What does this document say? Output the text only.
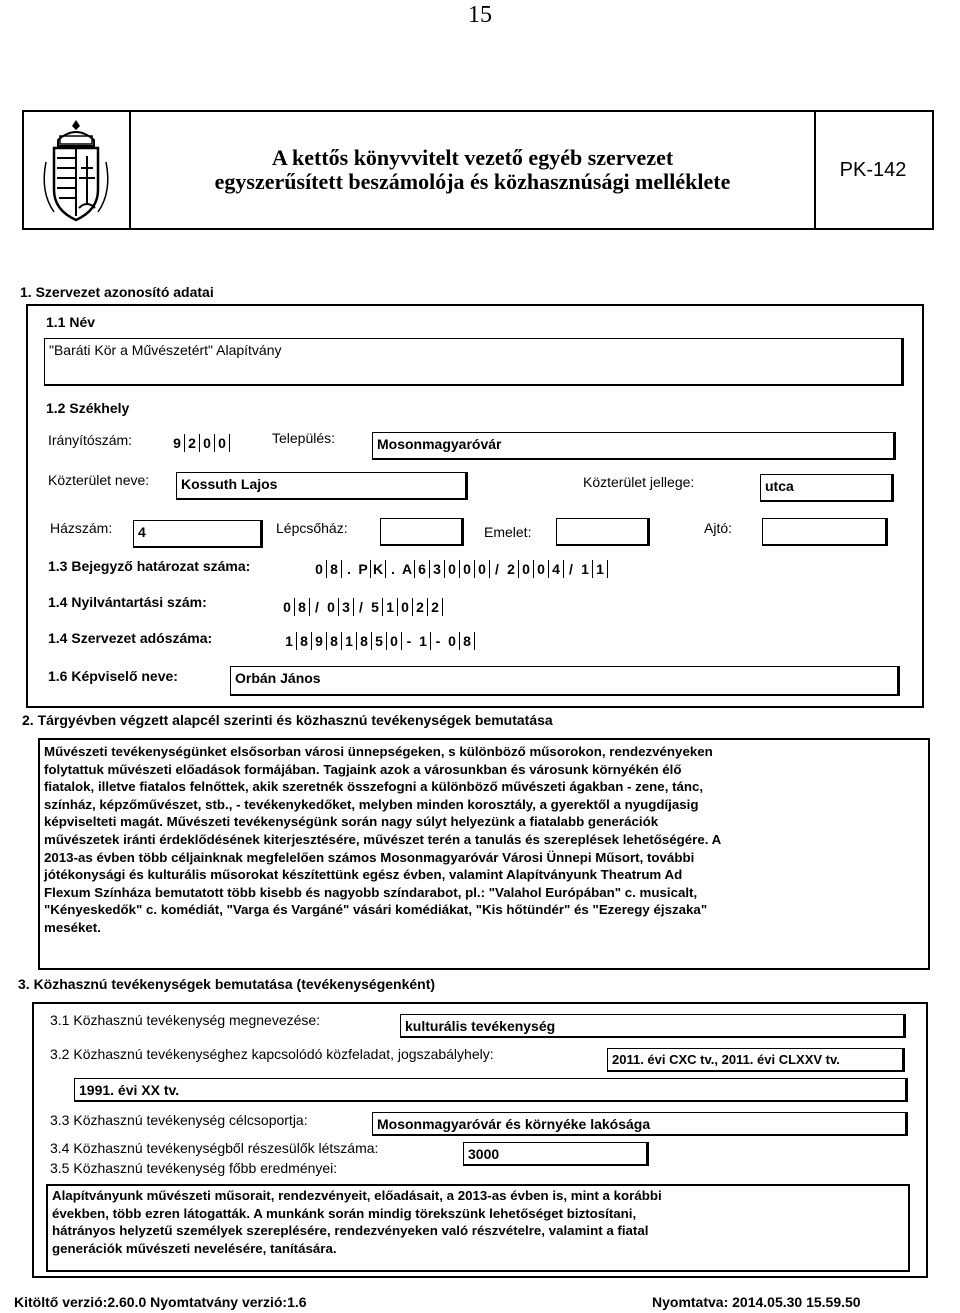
15
A kettős könyvvitelt vezető egyéb szervezet
egyszerűsített beszámolója és közhasznúsági melléklete	PK-142
1. Szervezet azonosító adatai
1.1 Név
"Baráti Kör a Művészetért" Alapítvány
1.2 Székhely
Irányítószám:	9 2 0 0	Település:	Mosonmagyaróvár
Közterület neve:	Kossuth Lajos	Közterület jellege:	utca
Házszám:	4	Lépcsőház:	Emelet:	Ajtó:
1.3 Bejegyző határozat száma:	0 8 . P K . A 6 3 0 0 0 / 2 0 0 4 / 1 1
1.4 Nyilvántartási szám:	0 8 / 0 3 / 5 1 0 2 2
1.4 Szervezet adószáma:	1 8 9 8 1 8 5 0 - 1 - 0 8
1.6 Képviselő neve:	Orbán János
2. Tárgyévben végzett alapcél szerinti és közhasznú tevékenységek bemutatása
Művészeti tevékenységünket elsősorban városi ünnepségeken, s különböző műsorokon, rendezvényeken
folytattuk művészeti előadások formájában. Tagjaink azok a városunkban és városunk környékén élő
fiatalok, illetve fiatalos felnőttek, akik szeretnék összefogni a különböző művészeti ágakban - zene, tánc,
színház, képzőművészet, stb., - tevékenykedőket, melyben minden korosztály, a gyerektől a nyugdíjasig
képviselteti magát. Művészeti tevékenységünk során nagy súlyt helyezünk a fiatalabb generációk
művészetek iránti érdeklődésének kiterjesztésére, művészet terén a tanulás és szereplések lehetőségére. A
2013-as évben több céljainknak megfelelően számos Mosonmagyaróvár Városi Ünnepi Műsort, további
jótékonysági és kulturális műsorokat készítettünk egész évben, valamint Alapítványunk Theatrum Ad
Flexum Színháza bemutatott több kisebb és nagyobb színdarabot, pl.: "Valahol Európában" c. musicalt,
"Kényeskedők" c. komédiát, "Varga és Vargáné" vásári komédiákat, "Kis hőtündér" és "Ezeregy éjszaka"
meséket.
3. Közhasznú tevékenységek bemutatása (tevékenységenként)
3.1 Közhasznú tevékenység megnevezése:	kulturális tevékenység
3.2 Közhasznú tevékenységhez kapcsolódó közfeladat, jogszabályhely:	2011. évi CXC tv., 2011. évi CLXXV tv.
1991. évi XX tv.
3.3 Közhasznú tevékenység célcsoportja:	Mosonmagyaróvár és környéke lakósága
3.4 Közhasznú tevékenységből részesülők létszáma:	3000
3.5 Közhasznú tevékenység főbb eredményei:
Alapítványunk művészeti műsorait, rendezvényeit, előadásait, a 2013-as évben is, mint a korábbi
években, több ezren látogatták. A munkánk során mindig törekszünk lehetőséget biztosítani,
hátrányos helyzetű személyek szereplésére, rendezvényeken való részvételre, valamint a fiatal
generációk művészeti nevelésére, tanítására.
Kitöltő verzió:2.60.0 Nyomtatvány verzió:1.6	Nyomtatva: 2014.05.30 15.59.50
